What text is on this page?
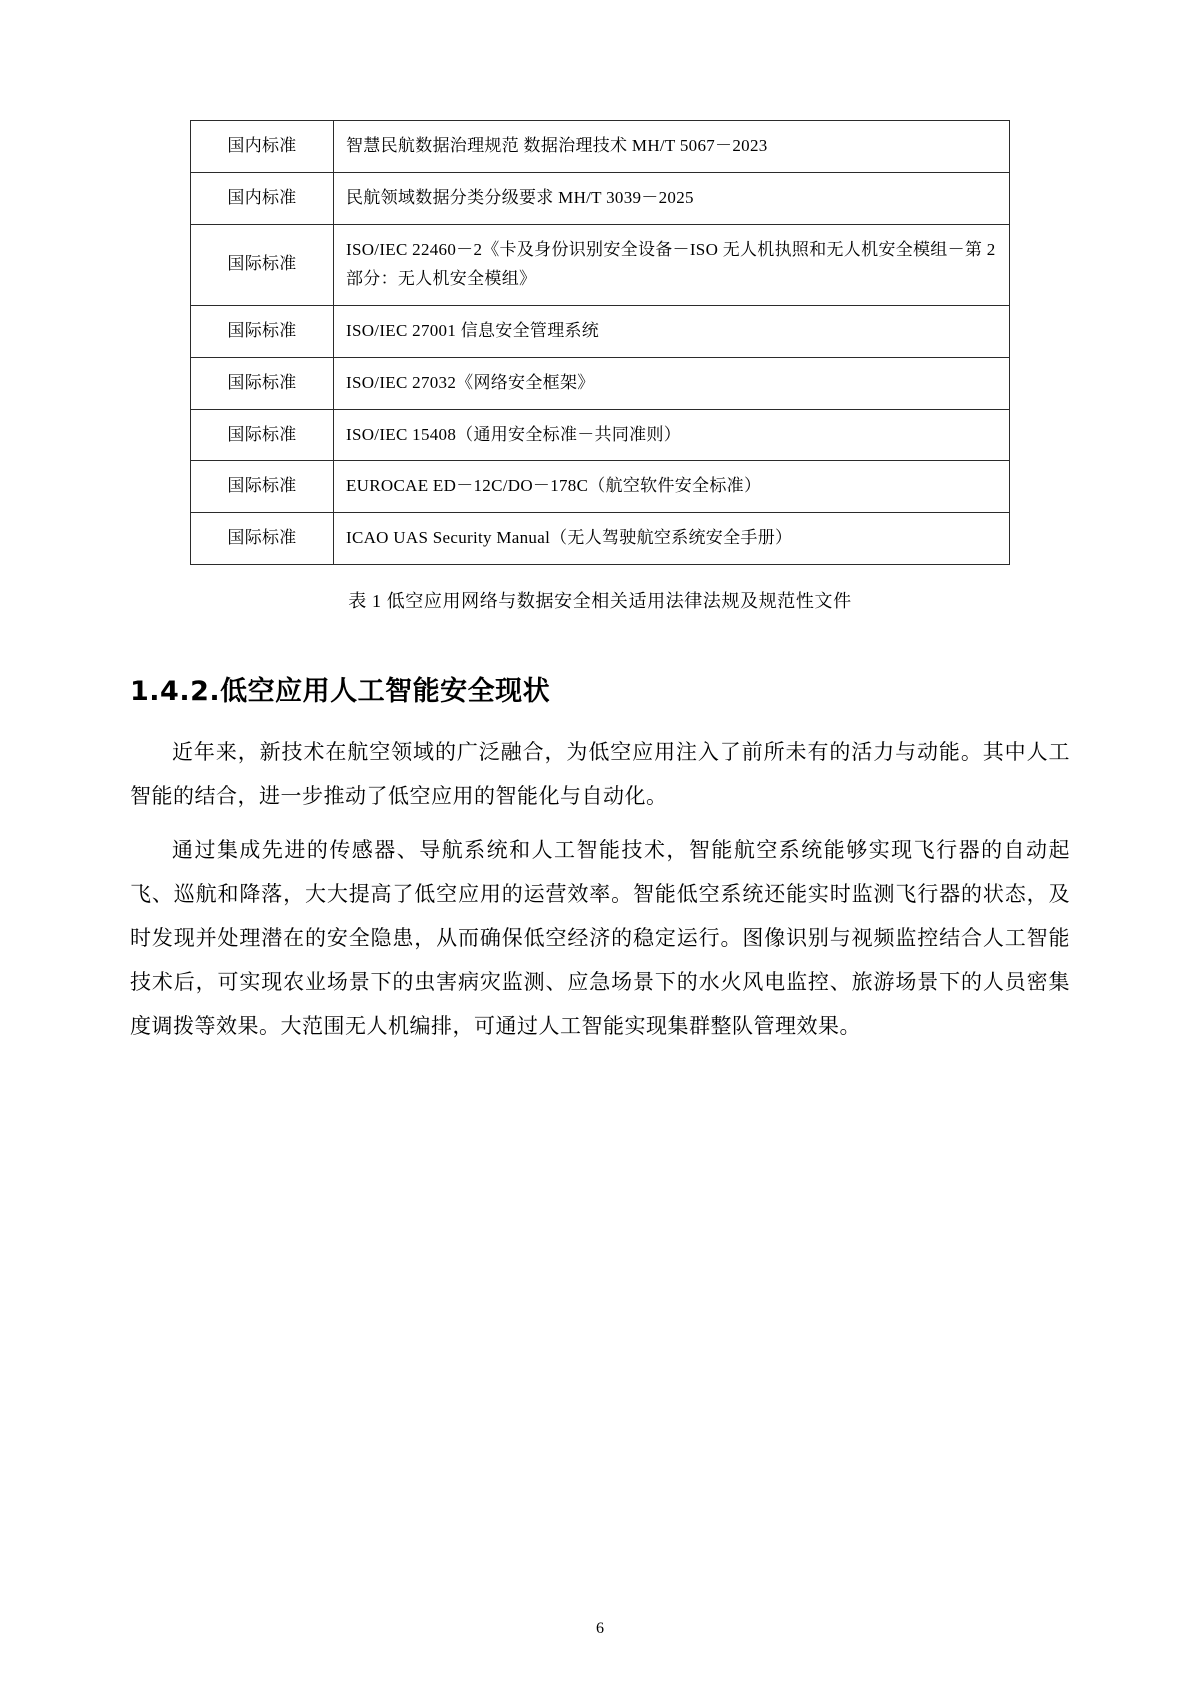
国内标准	智慧民航数据治理规范 数据治理技术 MH/T 5067－2023
国内标准	民航领域数据分类分级要求 MH/T 3039－2025
国际标准	ISO/IEC 22460－2《卡及身份识别安全设备－ISO 无人机执照和无人机安全模组－第 2 部分：无人机安全模组》
国际标准	ISO/IEC 27001 信息安全管理系统
国际标准	ISO/IEC 27032《网络安全框架》
国际标准	ISO/IEC 15408（通用安全标准－共同准则）
国际标准	EUROCAE ED－12C/DO－178C（航空软件安全标准）
国际标准	ICAO UAS Security Manual（无人驾驶航空系统安全手册）
表 1 低空应用网络与数据安全相关适用法律法规及规范性文件
1.4.2.低空应用人工智能安全现状

近年来，新技术在航空领域的广泛融合，为低空应用注入了前所未有的活力与动能。其中人工智能的结合，进一步推动了低空应用的智能化与自动化。

通过集成先进的传感器、导航系统和人工智能技术，智能航空系统能够实现飞行器的自动起飞、巡航和降落，大大提高了低空应用的运营效率。智能低空系统还能实时监测飞行器的状态，及时发现并处理潜在的安全隐患，从而确保低空经济的稳定运行。图像识别与视频监控结合人工智能技术后，可实现农业场景下的虫害病灾监测、应急场景下的水火风电监控、旅游场景下的人员密集度调拨等效果。大范围无人机编排，可通过人工智能实现集群整队管理效果。

6
